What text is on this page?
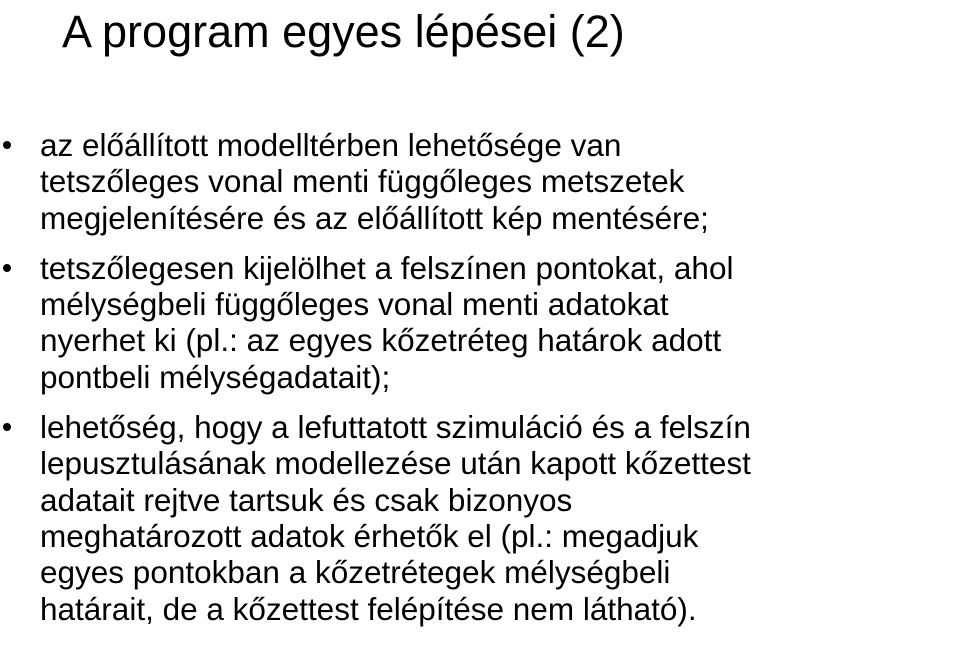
A program egyes lépései (2)
az előállított modelltérben lehetősége van
tetszőleges vonal menti függőleges metszetek
megjelenítésére és az előállított kép mentésére;
tetszőlegesen kijelölhet a felszínen pontokat, ahol
mélységbeli függőleges vonal menti adatokat
nyerhet ki (pl.: az egyes kőzetréteg határok adott
pontbeli mélységadatait);
lehetőség, hogy a lefuttatott szimuláció és a felszín
lepusztulásának modellezése után kapott kőzettest
adatait rejtve tartsuk és csak bizonyos
meghatározott adatok érhetők el (pl.: megadjuk
egyes pontokban a kőzetrétegek mélységbeli
határait, de a kőzettest felépítése nem látható).
